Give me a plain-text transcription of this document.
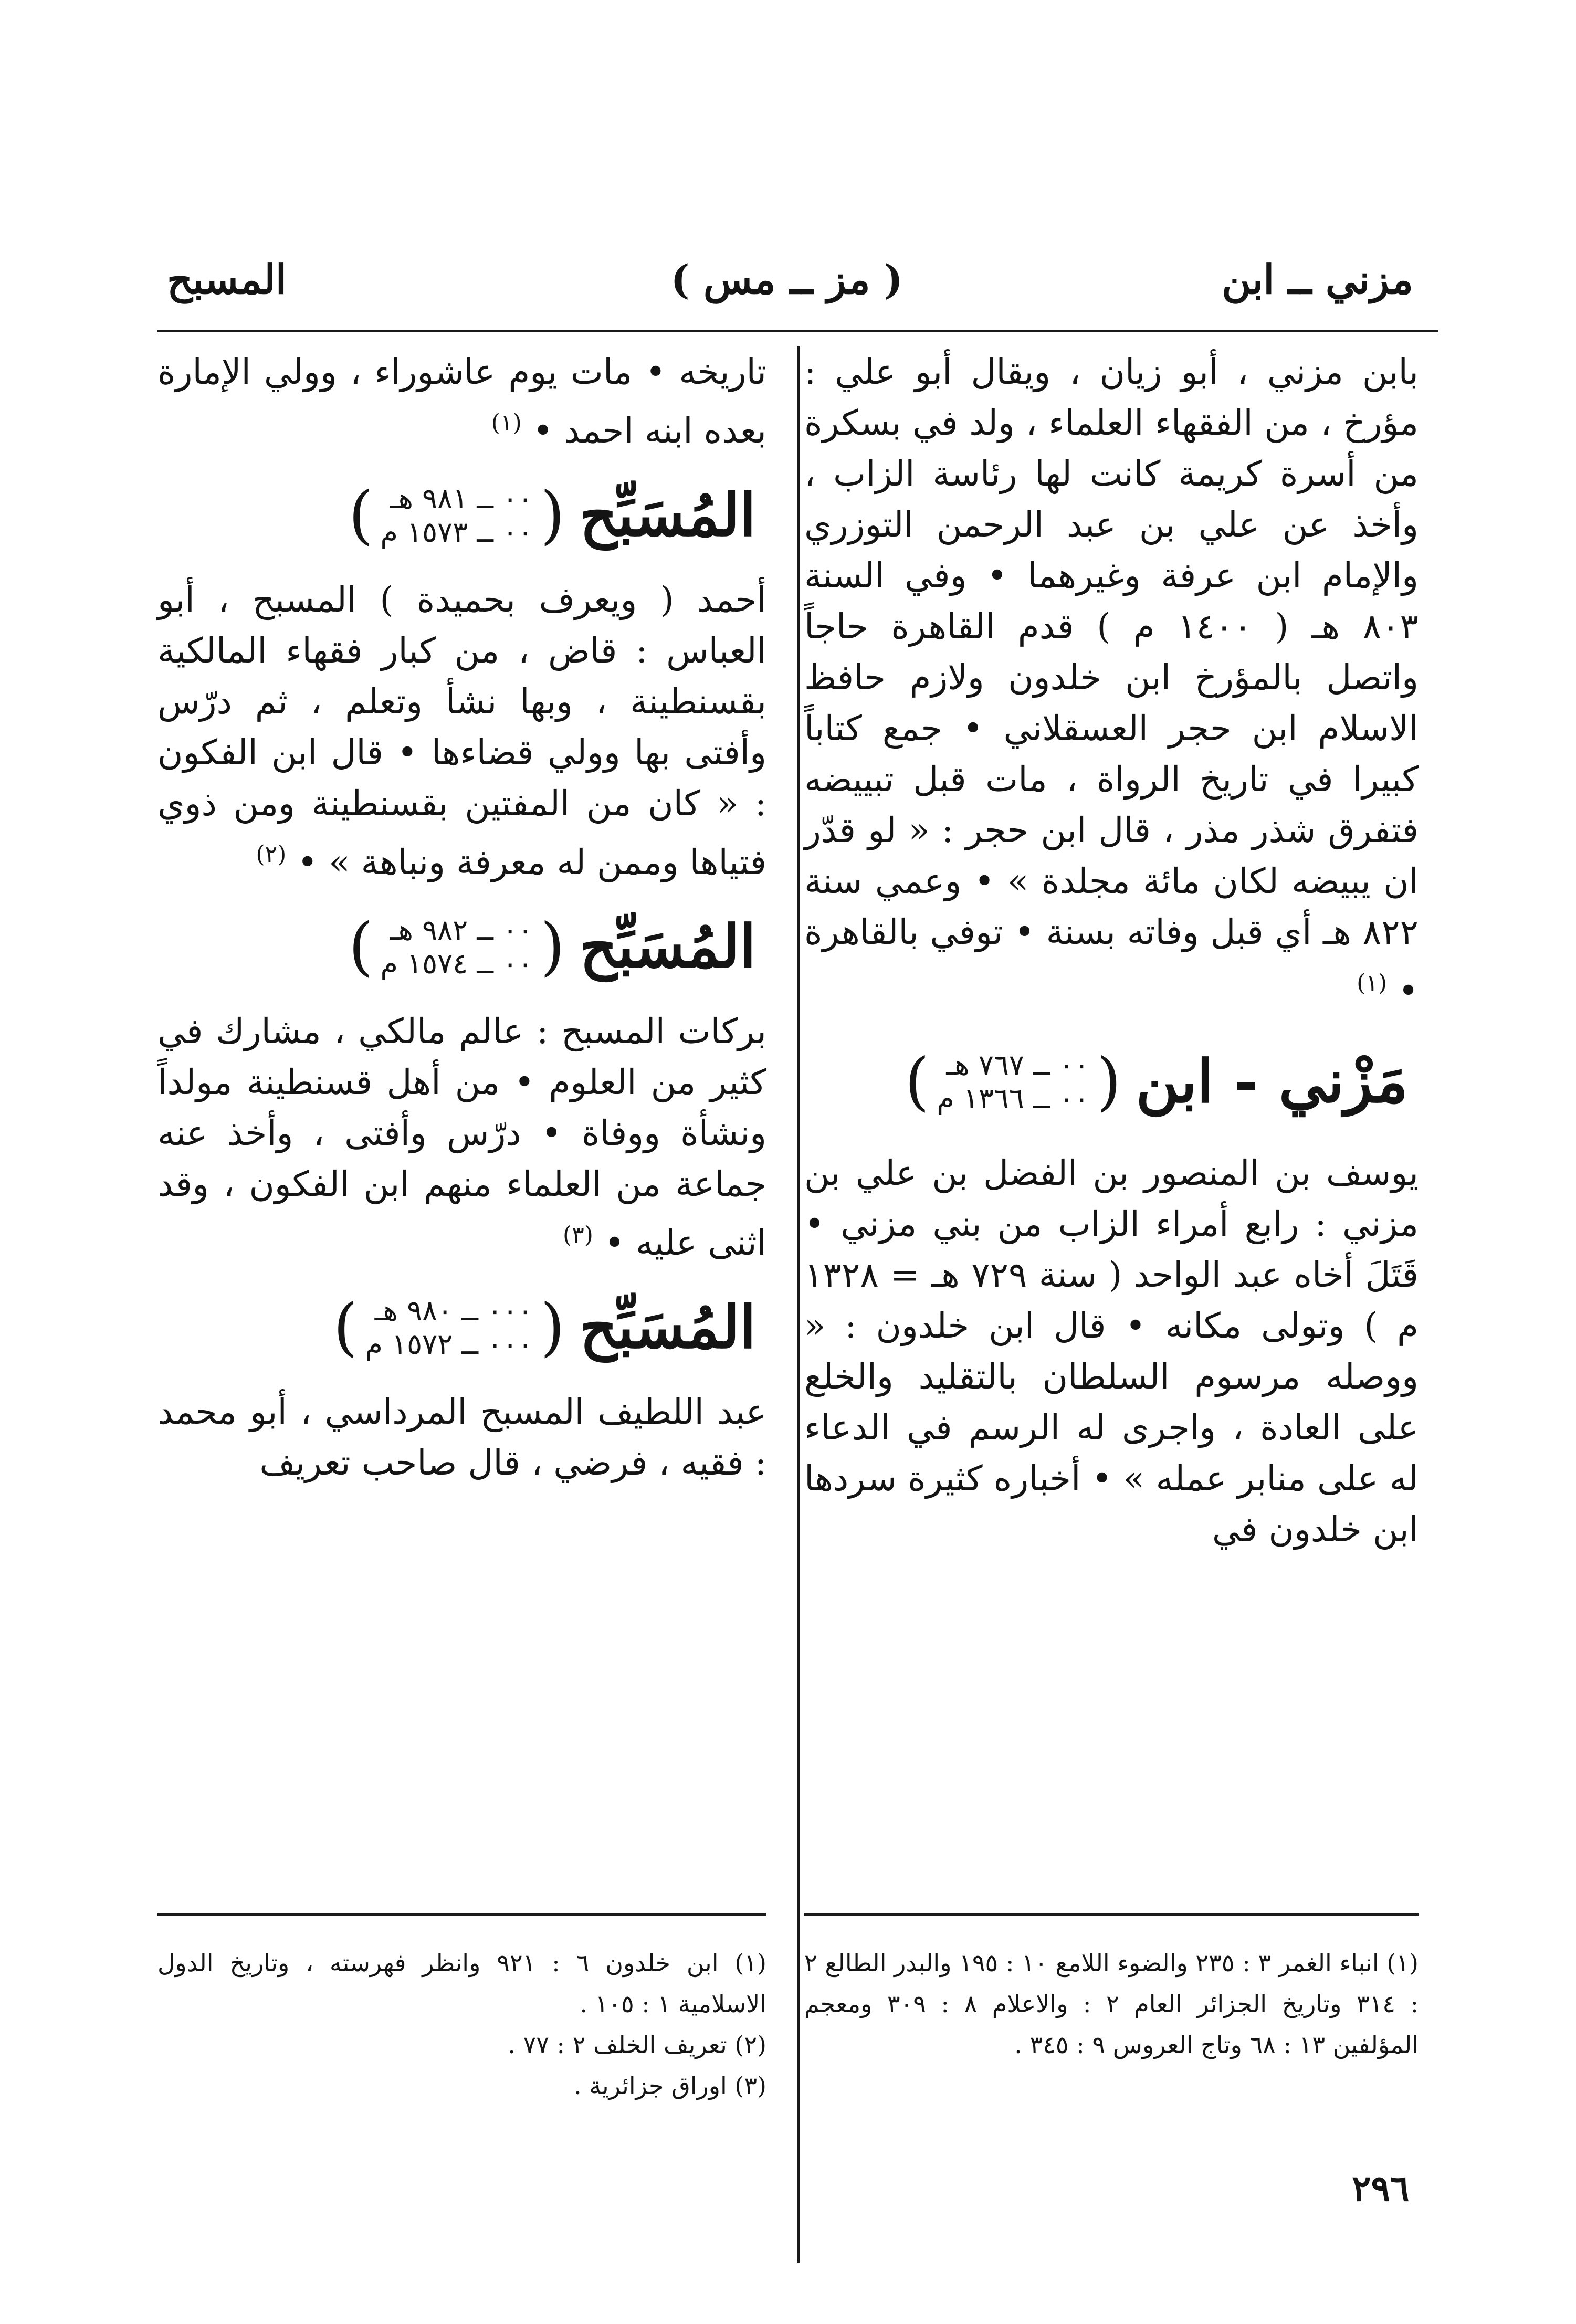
مزني ــ ابن
( مز ــ مس )
المسبح

بابن مزني ، أبو زيان ، ويقال أبو علي : مؤرخ ، من الفقهاء العلماء ، ولد في بسكرة من أسرة كريمة كانت لها رئاسة الزاب ، وأخذ عن علي بن عبد الرحمن التوزري والإمام ابن عرفة وغيرهما • وفي السنة ٨٠٣ هـ ( ١٤٠٠ م ) قدم القاهرة حاجاً واتصل بالمؤرخ ابن خلدون ولازم حافظ الاسلام ابن حجر العسقلاني • جمع كتاباً كبيرا في تاريخ الرواة ، مات قبل تبييضه فتفرق شذر مذر ، قال ابن حجر : « لو قدّر ان يبيضه لكان مائة مجلدة » • وعمي سنة ٨٢٢ هـ أي قبل وفاته بسنة • توفي بالقاهرة • $^{(١)}$

مَزْني - ابن
(
٠٠ ــ ٧٦٧ هـ
٠٠ ــ ١٣٦٦ م
)

يوسف بن المنصور بن الفضل بن علي بن مزني : رابع أمراء الزاب من بني مزني • قَتَلَ أخاه عبد الواحد ( سنة ٧٢٩ هـ = ١٣٢٨ م ) وتولى مكانه • قال ابن خلدون : « ووصله مرسوم السلطان بالتقليد والخلع على العادة ، واجرى له الرسم في الدعاء له على منابر عمله » • أخباره كثيرة سردها ابن خلدون في

تاريخه • مات يوم عاشوراء ، وولي الإمارة بعده ابنه احمد • $^{(١)}$

المُسَبِّح
(
٠٠ ــ ٩٨١ هـ
٠٠ ــ ١٥٧٣ م
)

أحمد ( ويعرف بحميدة ) المسبح ، أبو العباس : قاض ، من كبار فقهاء المالكية بقسنطينة ، وبها نشأ وتعلم ، ثم درّس وأفتى بها وولي قضاءها • قال ابن الفكون : « كان من المفتين بقسنطينة ومن ذوي فتياها وممن له معرفة ونباهة » • $^{(٢)}$

المُسَبِّح
(
٠٠ ــ ٩٨٢ هـ
٠٠ ــ ١٥٧٤ م
)

بركات المسبح : عالم مالكي ، مشارك في كثير من العلوم • من أهل قسنطينة مولداً ونشأة ووفاة • درّس وأفتى ، وأخذ عنه جماعة من العلماء منهم ابن الفكون ، وقد اثنى عليه • $^{(٣)}$

المُسَبِّح
(
٠٠٠ ــ ٩٨٠ هـ
٠٠٠ ــ ١٥٧٢ م
)

عبد اللطيف المسبح المرداسي ، أبو محمد : فقيه ، فرضي ، قال صاحب تعريف

(١) انباء الغمر ٣ : ٢٣٥ والضوء اللامع ١٠ : ١٩٥ والبدر الطالع ٢ : ٣١٤ وتاريخ الجزائر العام ٢ : والاعلام ٨ : ٣٠٩ ومعجم المؤلفين ١٣ : ٦٨ وتاج العروس ٩ : ٣٤٥ .

(١) ابن خلدون ٦ : ٩٢١ وانظر فهرسته ، وتاريخ الدول الاسلامية ١ : ١٠٥ .

(٢) تعريف الخلف ٢ : ٧٧ .

(٣) اوراق جزائرية .

٢٩٦
